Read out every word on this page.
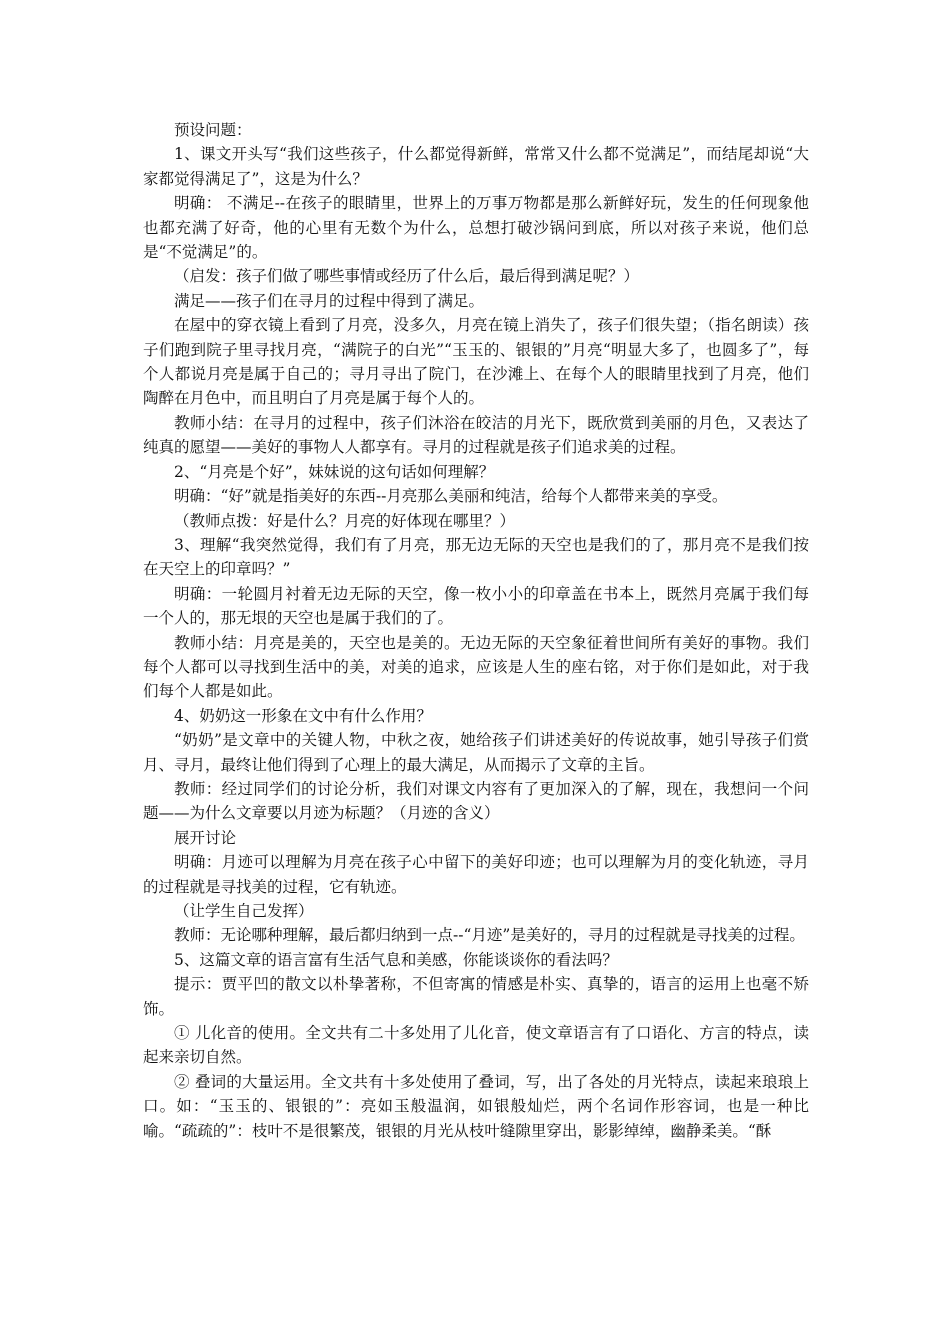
预设问题：

1、课文开头写“我们这些孩子，什么都觉得新鲜，常常又什么都不觉满足”，而结尾却说“大家都觉得满足了”，这是为什么？

明确： 不满足--在孩子的眼睛里，世界上的万事万物都是那么新鲜好玩，发生的任何现象他也都充满了好奇，他的心里有无数个为什么，总想打破沙锅问到底，所以对孩子来说，他们总是“不觉满足”的。

（启发：孩子们做了哪些事情或经历了什么后，最后得到满足呢？）

满足——孩子们在寻月的过程中得到了满足。

在屋中的穿衣镜上看到了月亮，没多久，月亮在镜上消失了，孩子们很失望；（指名朗读）孩子们跑到院子里寻找月亮，“满院子的白光”“玉玉的、银银的”月亮“明显大多了，也圆多了”，每个人都说月亮是属于自己的；寻月寻出了院门，在沙滩上、在每个人的眼睛里找到了月亮，他们陶醉在月色中，而且明白了月亮是属于每个人的。

教师小结：在寻月的过程中，孩子们沐浴在皎洁的月光下，既欣赏到美丽的月色，又表达了纯真的愿望——美好的事物人人都享有。寻月的过程就是孩子们追求美的过程。

2、“月亮是个好”，妹妹说的这句话如何理解？

明确：“好”就是指美好的东西--月亮那么美丽和纯洁，给每个人都带来美的享受。

（教师点拨：好是什么？月亮的好体现在哪里？）

3、理解“我突然觉得，我们有了月亮，那无边无际的天空也是我们的了，那月亮不是我们按在天空上的印章吗？”

明确：一轮圆月衬着无边无际的天空，像一枚小小的印章盖在书本上，既然月亮属于我们每一个人的，那无垠的天空也是属于我们的了。

教师小结：月亮是美的，天空也是美的。无边无际的天空象征着世间所有美好的事物。我们每个人都可以寻找到生活中的美，对美的追求，应该是人生的座右铭，对于你们是如此，对于我们每个人都是如此。

4、奶奶这一形象在文中有什么作用？

“奶奶”是文章中的关键人物，中秋之夜，她给孩子们讲述美好的传说故事，她引导孩子们赏月、寻月，最终让他们得到了心理上的最大满足，从而揭示了文章的主旨。

教师：经过同学们的讨论分析，我们对课文内容有了更加深入的了解，现在，我想问一个问题——为什么文章要以月迹为标题？（月迹的含义）

展开讨论

明确：月迹可以理解为月亮在孩子心中留下的美好印迹；也可以理解为月的变化轨迹，寻月的过程就是寻找美的过程，它有轨迹。

（让学生自己发挥）

教师：无论哪种理解，最后都归纳到一点--“月迹”是美好的，寻月的过程就是寻找美的过程。

5、这篇文章的语言富有生活气息和美感，你能谈谈你的看法吗？

提示：贾平凹的散文以朴挚著称，不但寄寓的情感是朴实、真挚的，语言的运用上也毫不矫饰。

① 儿化音的使用。全文共有二十多处用了儿化音，使文章语言有了口语化、方言的特点，读起来亲切自然。

② 叠词的大量运用。全文共有十多处使用了叠词，写，出了各处的月光特点，读起来琅琅上口。如：“玉玉的、银银的”：亮如玉般温润，如银般灿烂，两个名词作形容词，也是一种比喻。“疏疏的”：枝叶不是很繁茂，银银的月光从枝叶缝隙里穿出，影影绰绰，幽静柔美。“酥
